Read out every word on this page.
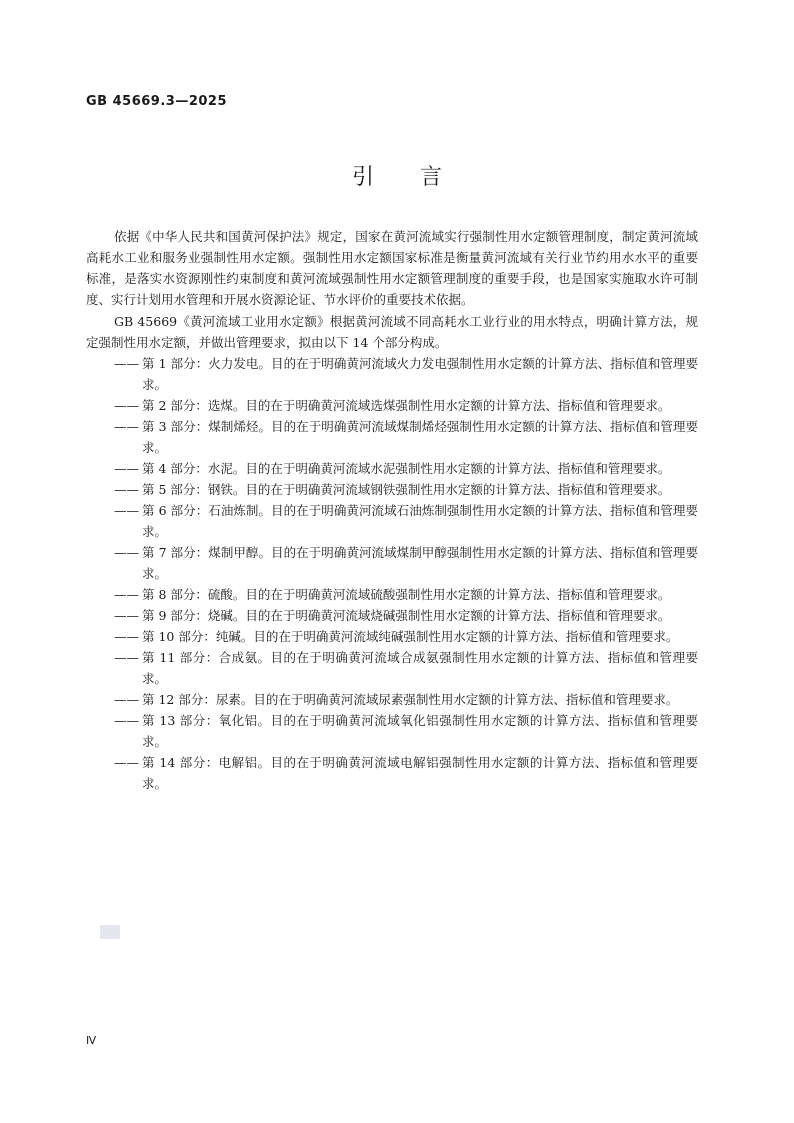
GB 45669.3—2025
引言

依据《中华人民共和国黄河保护法》规定，国家在黄河流域实行强制性用水定额管理制度，制定黄河流域高耗水工业和服务业强制性用水定额。强制性用水定额国家标准是衡量黄河流域有关行业节约用水水平的重要标准，是落实水资源刚性约束制度和黄河流域强制性用水定额管理制度的重要手段，也是国家实施取水许可制度、实行计划用水管理和开展水资源论证、节水评价的重要技术依据。

GB 45669《黄河流域工业用水定额》根据黄河流域不同高耗水工业行业的用水特点，明确计算方法，规定强制性用水定额，并做出管理要求，拟由以下 14 个部分构成。

—— 第 1 部分：火力发电。目的在于明确黄河流域火力发电强制性用水定额的计算方法、指标值和管理要求。
—— 第 2 部分：选煤。目的在于明确黄河流域选煤强制性用水定额的计算方法、指标值和管理要求。
—— 第 3 部分：煤制烯烃。目的在于明确黄河流域煤制烯烃强制性用水定额的计算方法、指标值和管理要求。
—— 第 4 部分：水泥。目的在于明确黄河流域水泥强制性用水定额的计算方法、指标值和管理要求。
—— 第 5 部分：钢铁。目的在于明确黄河流域钢铁强制性用水定额的计算方法、指标值和管理要求。
—— 第 6 部分：石油炼制。目的在于明确黄河流域石油炼制强制性用水定额的计算方法、指标值和管理要求。
—— 第 7 部分：煤制甲醇。目的在于明确黄河流域煤制甲醇强制性用水定额的计算方法、指标值和管理要求。
—— 第 8 部分：硫酸。目的在于明确黄河流域硫酸强制性用水定额的计算方法、指标值和管理要求。
—— 第 9 部分：烧碱。目的在于明确黄河流域烧碱强制性用水定额的计算方法、指标值和管理要求。
—— 第 10 部分：纯碱。目的在于明确黄河流域纯碱强制性用水定额的计算方法、指标值和管理要求。
—— 第 11 部分：合成氨。目的在于明确黄河流域合成氨强制性用水定额的计算方法、指标值和管理要求。
—— 第 12 部分：尿素。目的在于明确黄河流域尿素强制性用水定额的计算方法、指标值和管理要求。
—— 第 13 部分：氧化铝。目的在于明确黄河流域氧化铝强制性用水定额的计算方法、指标值和管理要求。
—— 第 14 部分：电解铝。目的在于明确黄河流域电解铝强制性用水定额的计算方法、指标值和管理要求。
Ⅳ
